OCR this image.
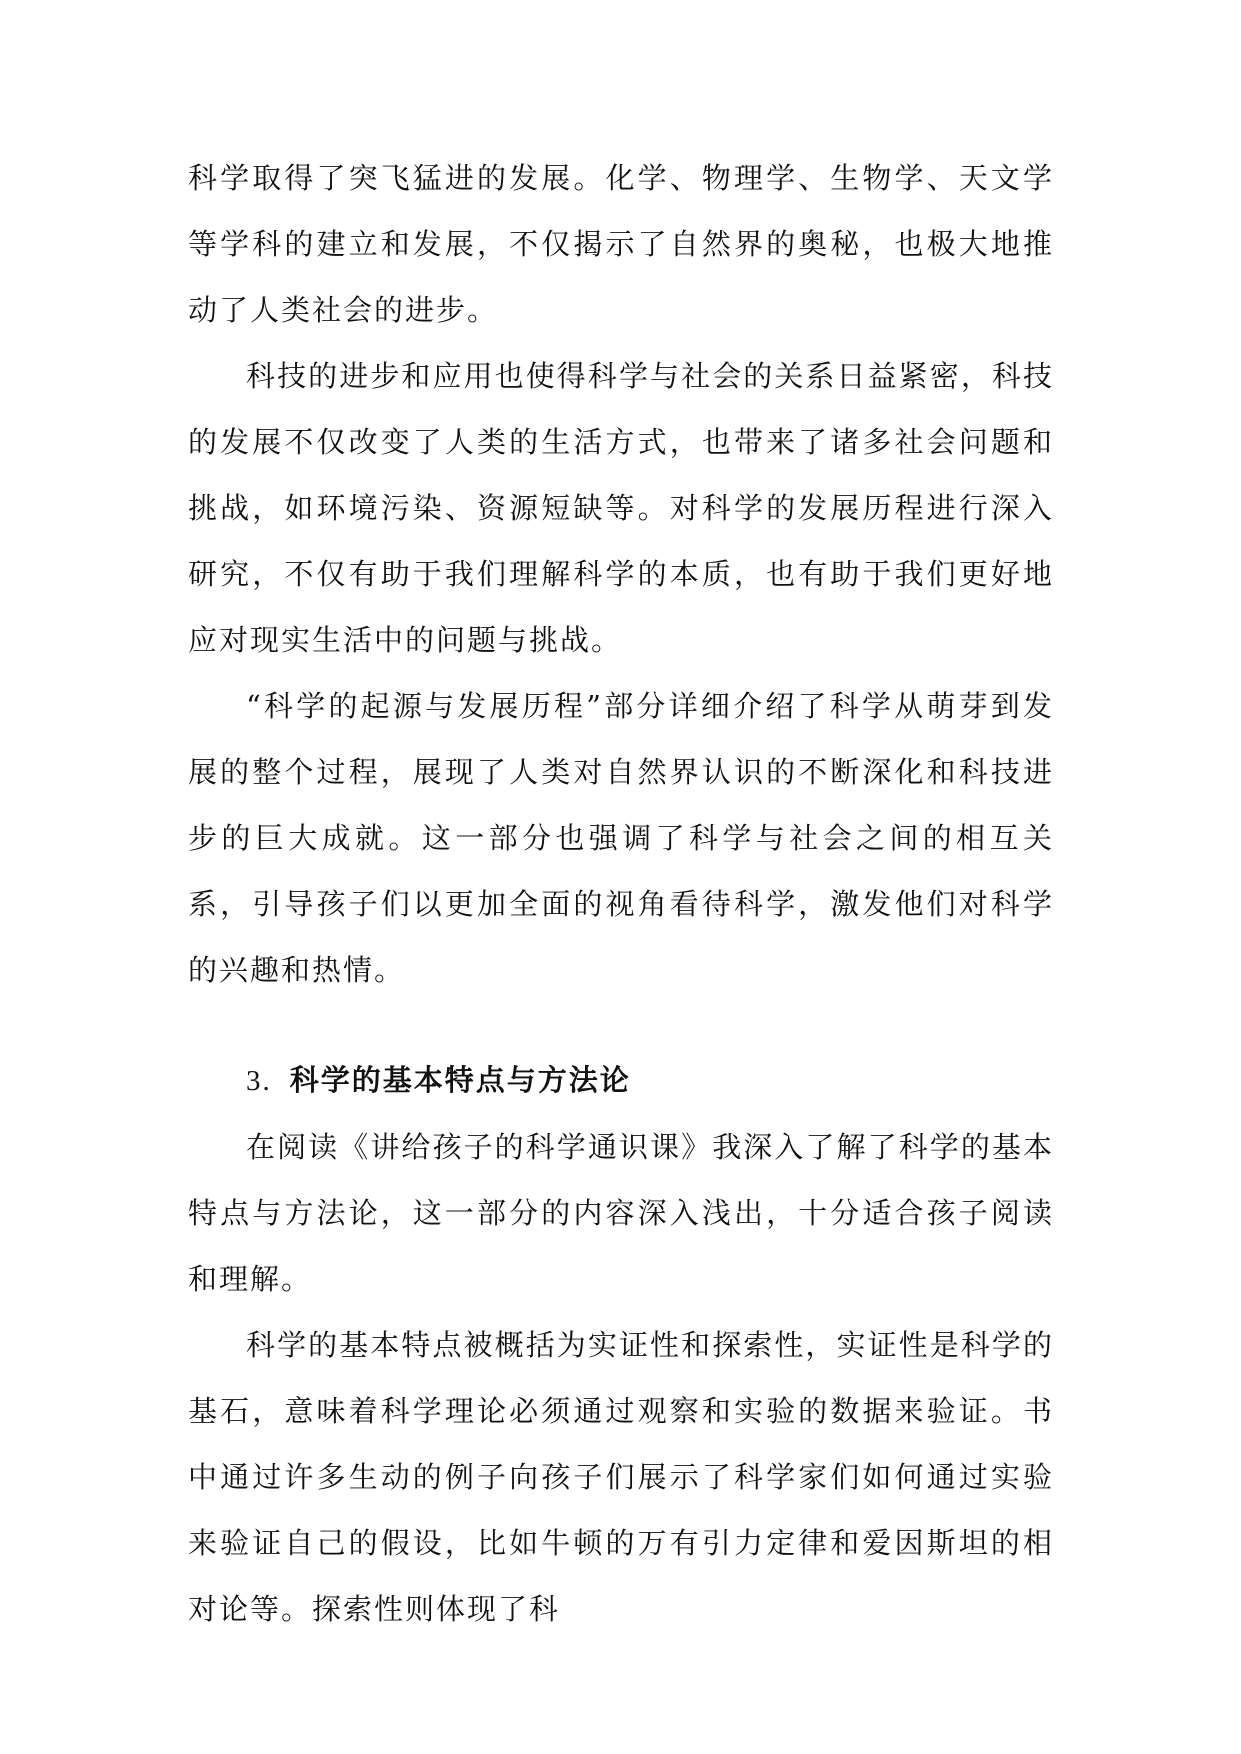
科学取得了突飞猛进的发展。化学、物理学、生物学、天文学等学科的建立和发展，不仅揭示了自然界的奥秘，也极大地推动了人类社会的进步。

科技的进步和应用也使得科学与社会的关系日益紧密，科技的发展不仅改变了人类的生活方式，也带来了诸多社会问题和挑战，如环境污染、资源短缺等。对科学的发展历程进行深入研究，不仅有助于我们理解科学的本质，也有助于我们更好地应对现实生活中的问题与挑战。

“科学的起源与发展历程”部分详细介绍了科学从萌芽到发展的整个过程，展现了人类对自然界认识的不断深化和科技进步的巨大成就。这一部分也强调了科学与社会之间的相互关系，引导孩子们以更加全面的视角看待科学，激发他们对科学的兴趣和热情。

3. 科学的基本特点与方法论

在阅读《讲给孩子的科学通识课》我深入了解了科学的基本特点与方法论，这一部分的内容深入浅出，十分适合孩子阅读和理解。

科学的基本特点被概括为实证性和探索性，实证性是科学的基石，意味着科学理论必须通过观察和实验的数据来验证。书中通过许多生动的例子向孩子们展示了科学家们如何通过实验来验证自己的假设，比如牛顿的万有引力定律和爱因斯坦的相对论等。探索性则体现了科
